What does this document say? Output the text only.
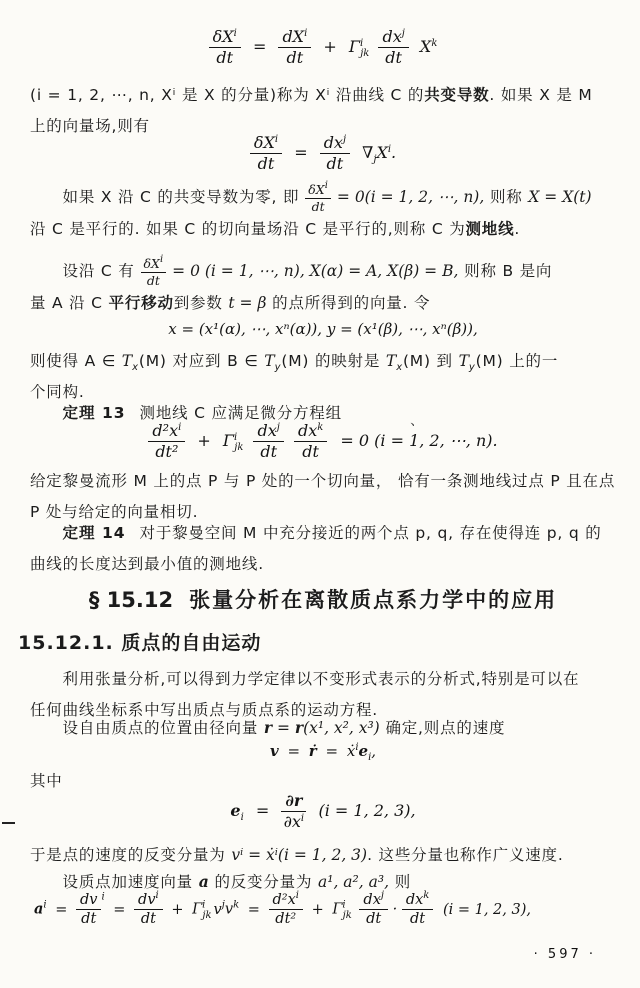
$\frac{\delta X^i}{dt} = \frac{dX^i}{dt} + \Gamma^i_{jk} \frac{dx^j}{dt} X^k$
(i = 1, 2, ⋯, n, Xⁱ 是 X 的分量)称为 Xⁱ 沿曲线 C 的共变导数. 如果 X 是 M
上的向量场,则有
$\frac{\delta X^i}{dt} = \frac{dx^j}{dt} \nabla_jX^i$.
如果 X 沿 C 的共变导数为零, 即 $\frac{\delta X^i}{dt} = 0(i = 1$, 2, ⋯, n), 则称 X = X(t)
沿 C 是平行的. 如果 C 的切向量场沿 C 是平行的,则称 C 为测地线.
设沿 C 有 $\frac{\delta X^i}{dt} = 0$ (i = 1, ⋯, n), X(α) = A, X(β) = B, 则称 B 是向
量 A 沿 C 平行移动到参数 t = β 的点所得到的向量. 令
x = (x¹(α), ⋯, xⁿ(α)), y = (x¹(β), ⋯, xⁿ(β)),
则使得 A ∈ $T_x(M)$ 对应到 B ∈ $T_y(M)$ 的映射是 $T_x(M)$ 到 $T_y(M)$ 上的一
个同构.
定理 13 测地线 C 应满足微分方程组	、
$\frac{d^2x^i}{\text{dt²}} + \Gamma^i_{jk} \frac{dx^j}{dt}$
$\frac{dx^k}{dt} = 0$ (i = 1, 2, ⋯, n).
给定黎曼流形 M 上的点 P 与 P 处的一个切向量， 恰有一条测地线过点 P 且在点
P 处与给定的向量相切.
定理 14 对于黎曼空间 M 中充分接近的两个点 p, q, 存在使得连 p, q 的
曲线的长度达到最小值的测地线.
§ 15.12 张量分析在离散质点系力学中的应用
15.12.1. 质点的自由运动
利用张量分析,可以得到力学定律以不变形式表示的分析式,特别是可以在
任何曲线坐标系中写出质点与质点系的运动方程.
设自由质点的位置由径向量 r = r(x¹, x², x³) 确定,则点的速度
v = ṙ = $ẋ^ie_i$,
其中
$e_i = \frac{\partial r}{\partial x^i} (i = 1$, 2, 3),
于是点的速度的反变分量为 vⁱ = ẋⁱ(i = 1, 2, 3). 这些分量也称作广义速度.
设质点加速度向量 a 的反变分量为 a¹, a², a³, 则
$a^i = \frac{dv}{dt} ^i = \frac{dv^i}{dt} + \Gamma^i_{jk}$ $v^jv^k = \frac{d^2x^i}{\text{dt²}} + \Gamma^i_{jk} \frac{dx^j}{dt} \cdot \frac{dx^k}{dt} (i = 1$, 2, 3),
· 597 ·
